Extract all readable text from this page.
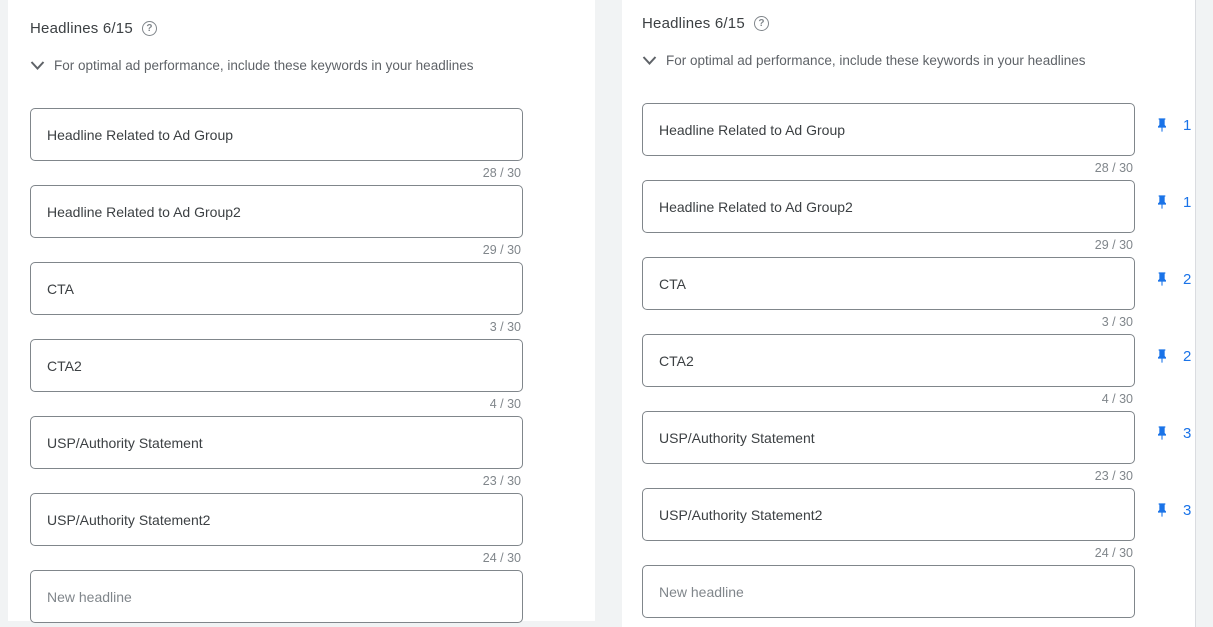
Headlines 6/15	?
For optimal ad performance, include these keywords in your headlines
Headline Related to Ad Group
28 / 30
Headline Related to Ad Group2
29 / 30
CTA
3 / 30
CTA2
4 / 30
USP/Authority Statement
23 / 30
USP/Authority Statement2
24 / 30
New headline
Headlines 6/15	?
For optimal ad performance, include these keywords in your headlines
Headline Related to Ad Group
1
28 / 30
Headline Related to Ad Group2
1
29 / 30
CTA
2
3 / 30
CTA2
2
4 / 30
USP/Authority Statement
3
23 / 30
USP/Authority Statement2
3
24 / 30
New headline
